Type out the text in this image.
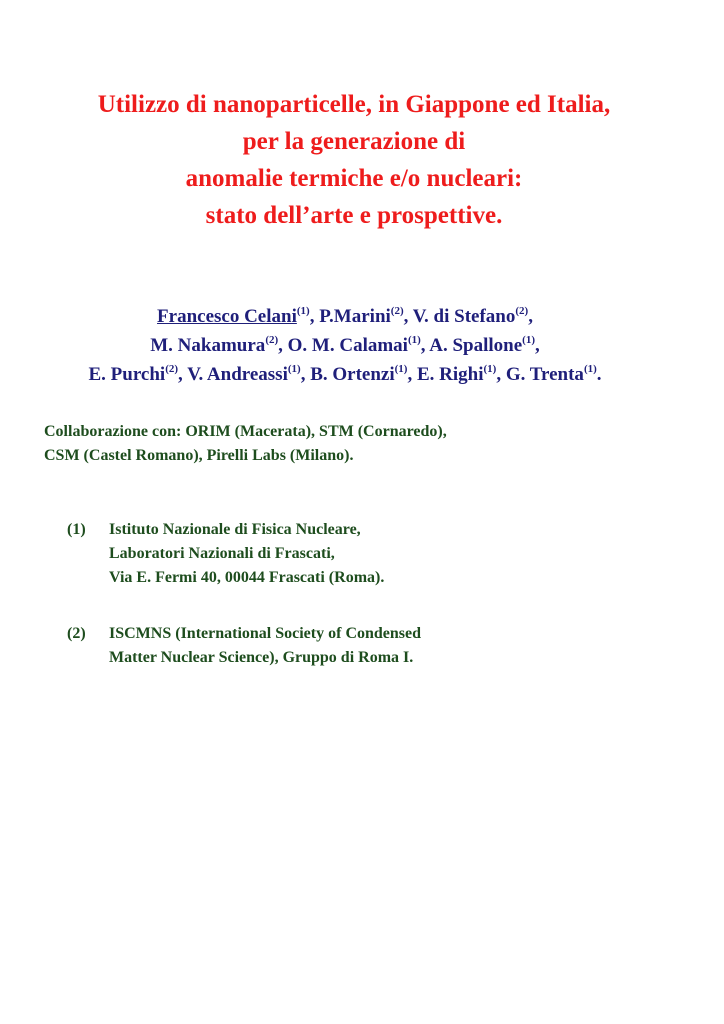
Utilizzo di nanoparticelle, in Giappone ed Italia,
per la generazione di
anomalie termiche e/o nucleari:
stato dell’arte e prospettive.
Francesco Celani$^{(1)}$, P.Marini$^{(2)}$, V. di Stefano$^{(2)}$,
M. Nakamura$^{(2)}$, O. M. Calamai$^{(1)}$, A. Spallone$^{(1)}$,
E. Purchi$^{(2)}$, V. Andreassi$^{(1)}$, B. Ortenzi$^{(1)}$, E. Righi$^{(1)}$, G. Trenta$^{(1)}$.
Collaborazione con: ORIM (Macerata), STM (Cornaredo),
CSM (Castel Romano), Pirelli Labs (Milano).
(1) Istituto Nazionale di Fisica Nucleare,
Laboratori Nazionali di Frascati,
Via E. Fermi 40, 00044 Frascati (Roma).
(2) ISCMNS (International Society of Condensed
Matter Nuclear Science), Gruppo di Roma I.
